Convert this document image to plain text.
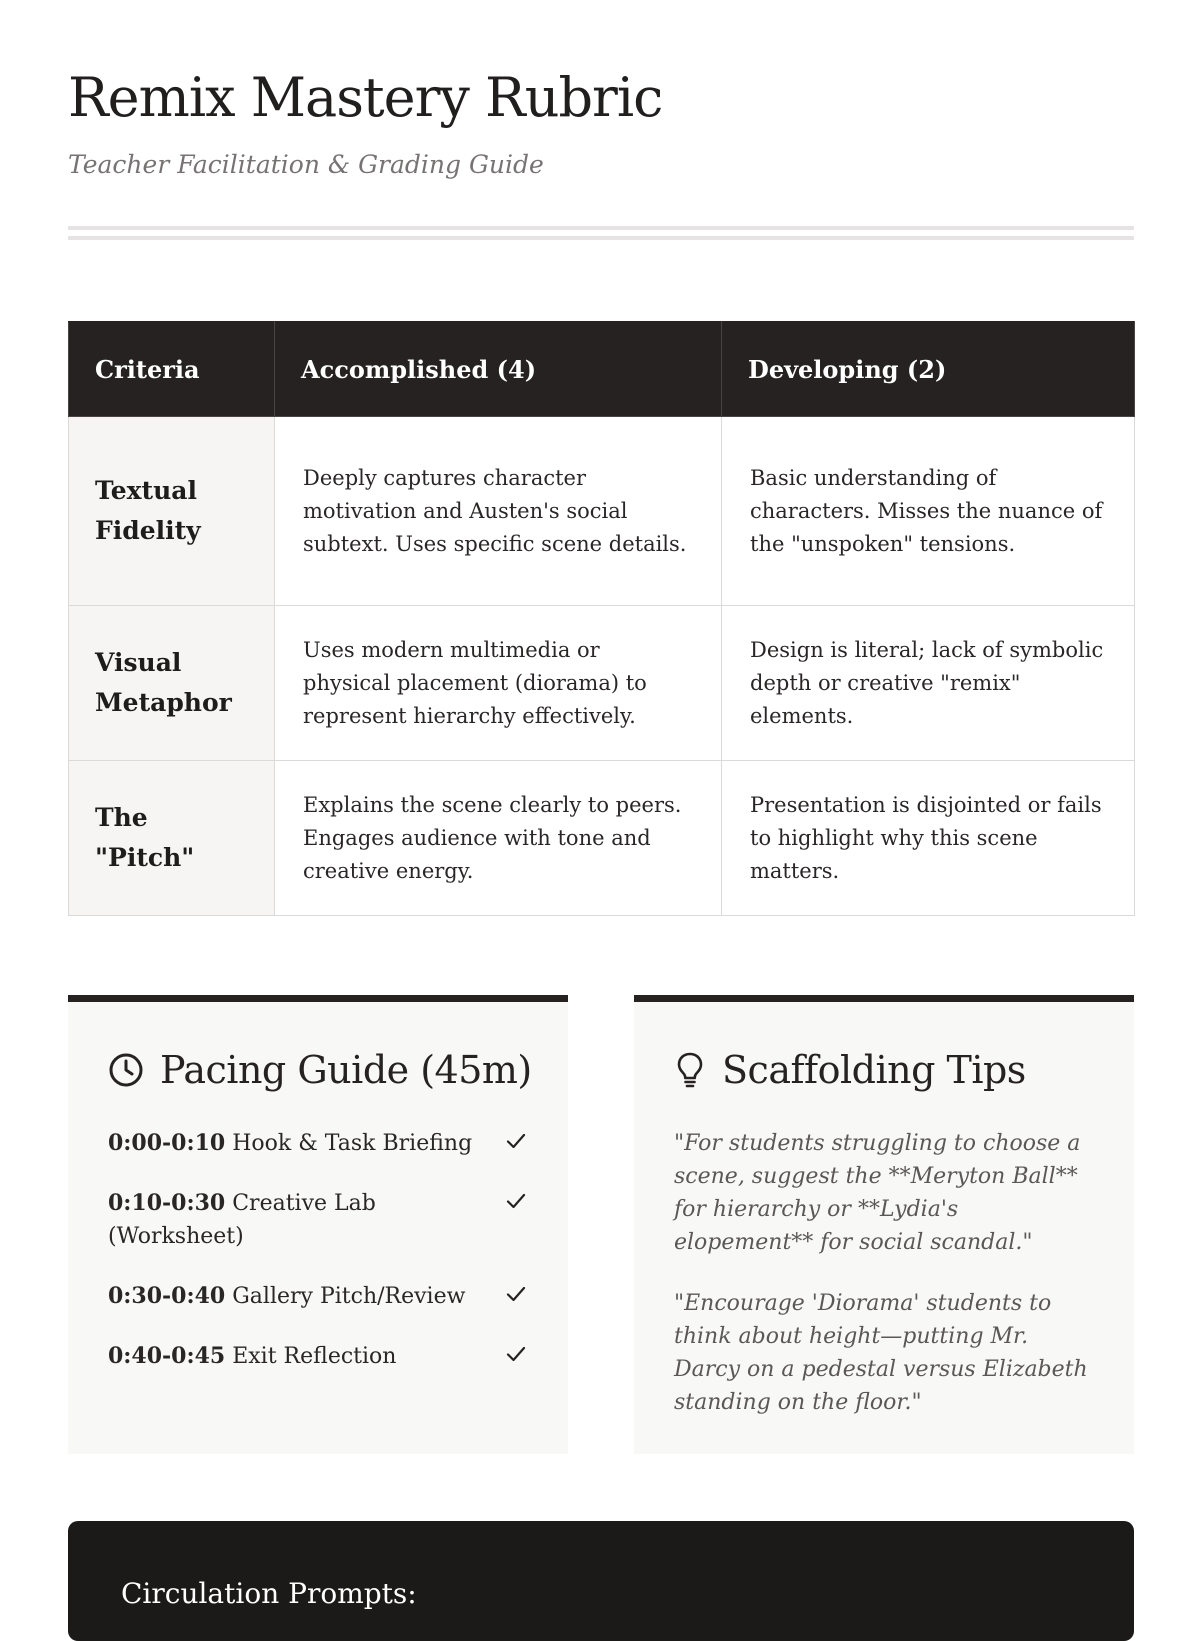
Remix Mastery Rubric
Teacher Facilitation & Grading Guide
Criteria	Accomplished (4)	Developing (2)
Textual Fidelity	Deeply captures character motivation and Austen's social subtext. Uses specific scene details.	Basic understanding of characters. Misses the nuance of the "unspoken" tensions.
Visual Metaphor	Uses modern multimedia or physical placement (diorama) to represent hierarchy effectively.	Design is literal; lack of symbolic depth or creative "remix" elements.
The "Pitch"	Explains the scene clearly to peers. Engages audience with tone and creative energy.	Presentation is disjointed or fails to highlight why this scene matters.
Pacing Guide (45m)
0:00-0:10 Hook & Task Briefing
0:10-0:30 Creative Lab (Worksheet)
0:30-0:40 Gallery Pitch/Review
0:40-0:45 Exit Reflection
Scaffolding Tips

"For students struggling to choose a scene, suggest the **Meryton Ball** for hierarchy or **Lydia's elopement** for social scandal."

"Encourage 'Diorama' students to think about height—putting Mr. Darcy on a pedestal versus Elizabeth standing on the floor."

Circulation Prompts:
